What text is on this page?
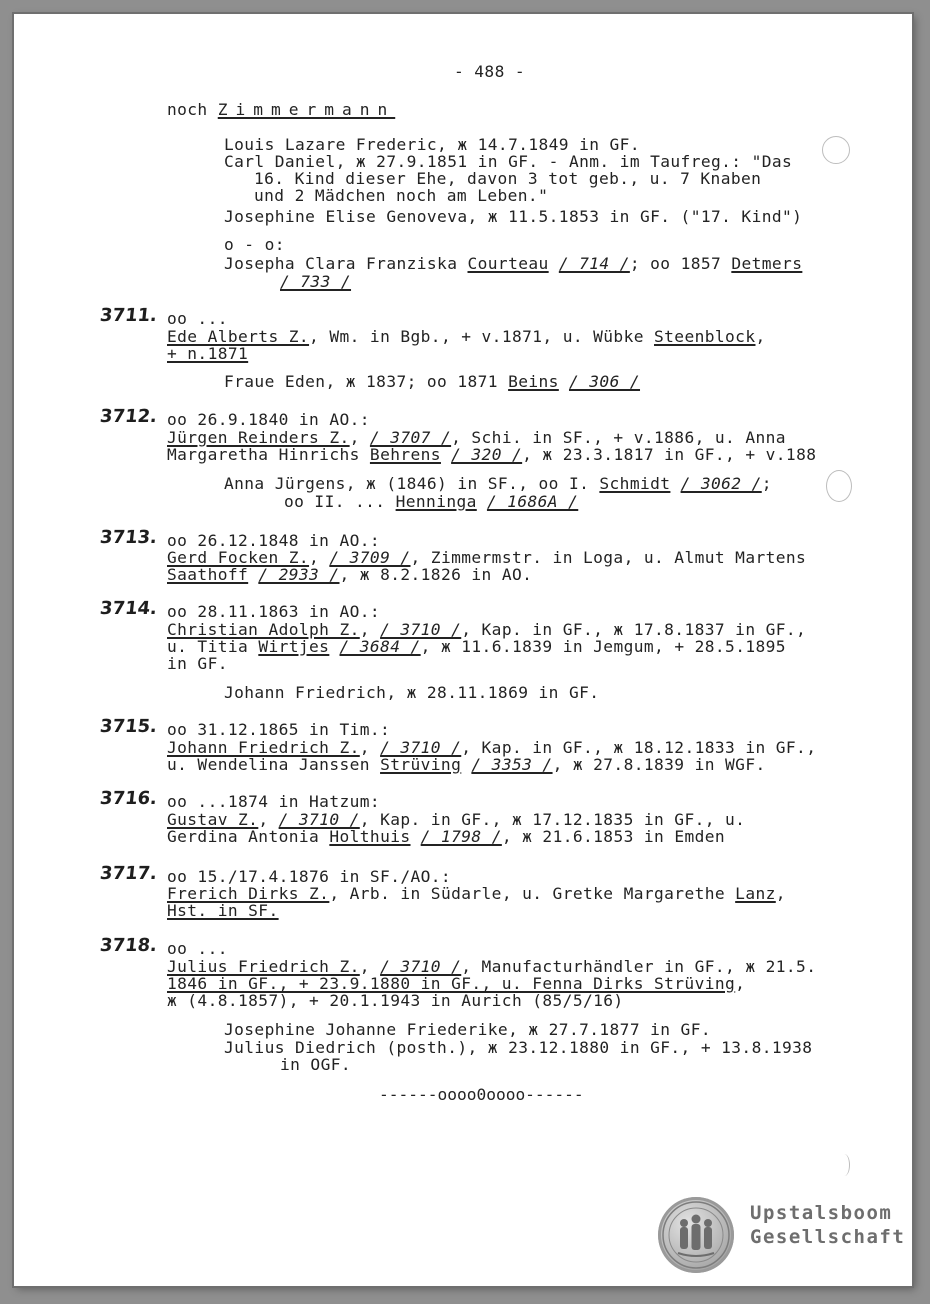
- 488 -
noch Zimmermann
Louis Lazare Frederic, ж 14.7.1849 in GF.
Carl Daniel, ж 27.9.1851 in GF. - Anm. im Taufreg.: "Das
16. Kind dieser Ehe, davon 3 tot geb., u. 7 Knaben
und 2 Mädchen noch am Leben."
Josephine Elise Genoveva, ж 11.5.1853 in GF. ("17. Kind")
o - o:
Josepha Clara Franziska Courteau / 714 /; oo 1857 Detmers
/ 733 /
3711. oo ...
Ede Alberts Z., Wm. in Bgb., + v.1871, u. Wübke Steenblock,
+ n.1871
Fraue Eden, ж 1837; oo 1871 Beins / 306 /
3712. oo 26.9.1840 in AO.:
Jürgen Reinders Z., / 3707 /, Schi. in SF., + v.1886, u. Anna
Margaretha Hinrichs Behrens / 320 /, ж 23.3.1817 in GF., + v.188
Anna Jürgens, ж (1846) in SF., oo I. Schmidt / 3062 /;
oo II. ... Henninga / 1686A /
3713. oo 26.12.1848 in AO.:
Gerd Focken Z., / 3709 /, Zimmermstr. in Loga, u. Almut Martens
Saathoff / 2933 /, ж 8.2.1826 in AO.
3714. oo 28.11.1863 in AO.:
Christian Adolph Z., / 3710 /, Kap. in GF., ж 17.8.1837 in GF.,
u. Titia Wirtjes / 3684 /, ж 11.6.1839 in Jemgum, + 28.5.1895
in GF.
Johann Friedrich, ж 28.11.1869 in GF.
3715. oo 31.12.1865 in Tim.:
Johann Friedrich Z., / 3710 /, Kap. in GF., ж 18.12.1833 in GF.,
u. Wendelina Janssen Strüving / 3353 /, ж 27.8.1839 in WGF.
3716. oo ...1874 in Hatzum:
Gustav Z., / 3710 /, Kap. in GF., ж 17.12.1835 in GF., u.
Gerdina Antonia Holthuis / 1798 /, ж 21.6.1853 in Emden
3717. oo 15./17.4.1876 in SF./AO.:
Frerich Dirks Z., Arb. in Südarle, u. Gretke Margarethe Lanz,
Hst. in SF.
3718. oo ...
Julius Friedrich Z., / 3710 /, Manufacturhändler in GF., ж 21.5.
1846 in GF., + 23.9.1880 in GF., u. Fenna Dirks Strüving,
ж (4.8.1857), + 20.1.1943 in Aurich (85/5/16)
Josephine Johanne Friederike, ж 27.7.1877 in GF.
Julius Diedrich (posth.), ж 23.12.1880 in GF., + 13.8.1938
in OGF.
------oooo0oooo------
Upstalsboom
Gesellschaft
